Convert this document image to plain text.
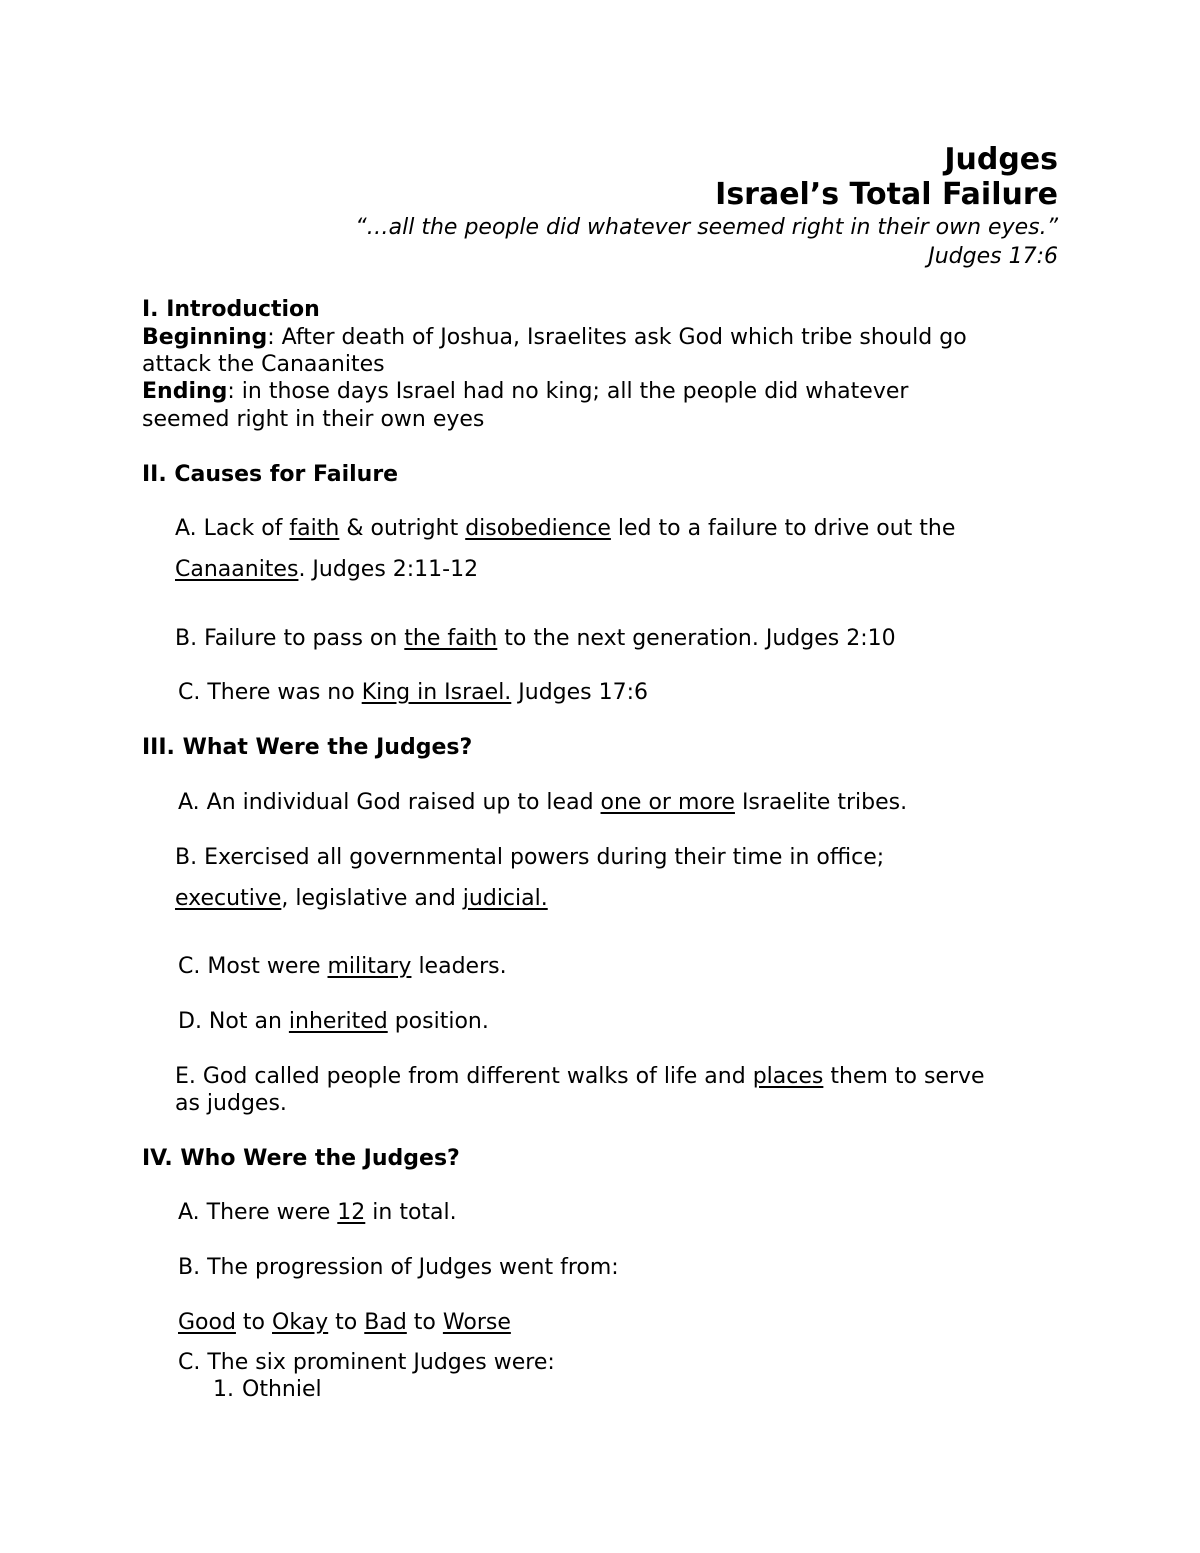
Judges
Israel’s Total Failure
“…all the people did whatever seemed right in their own eyes.”
Judges 17:6
I. Introduction
Beginning: After death of Joshua, Israelites ask God which tribe should go
attack the Canaanites
Ending: in those days Israel had no king; all the people did whatever
seemed right in their own eyes
II. Causes for Failure
A. Lack of faith & outright disobedience led to a failure to drive out the
Canaanites. Judges 2:11-12
B. Failure to pass on the faith to the next generation. Judges 2:10
C. There was no King in Israel. Judges 17:6
III. What Were the Judges?
A. An individual God raised up to lead one or more Israelite tribes.
B. Exercised all governmental powers during their time in office;
executive, legislative and judicial.
C. Most were military leaders.
D. Not an inherited position.
E. God called people from different walks of life and places them to serve
as judges.
IV. Who Were the Judges?
A. There were 12 in total.
B. The progression of Judges went from:
Good to Okay to Bad to Worse
C. The six prominent Judges were:
1. Othniel
